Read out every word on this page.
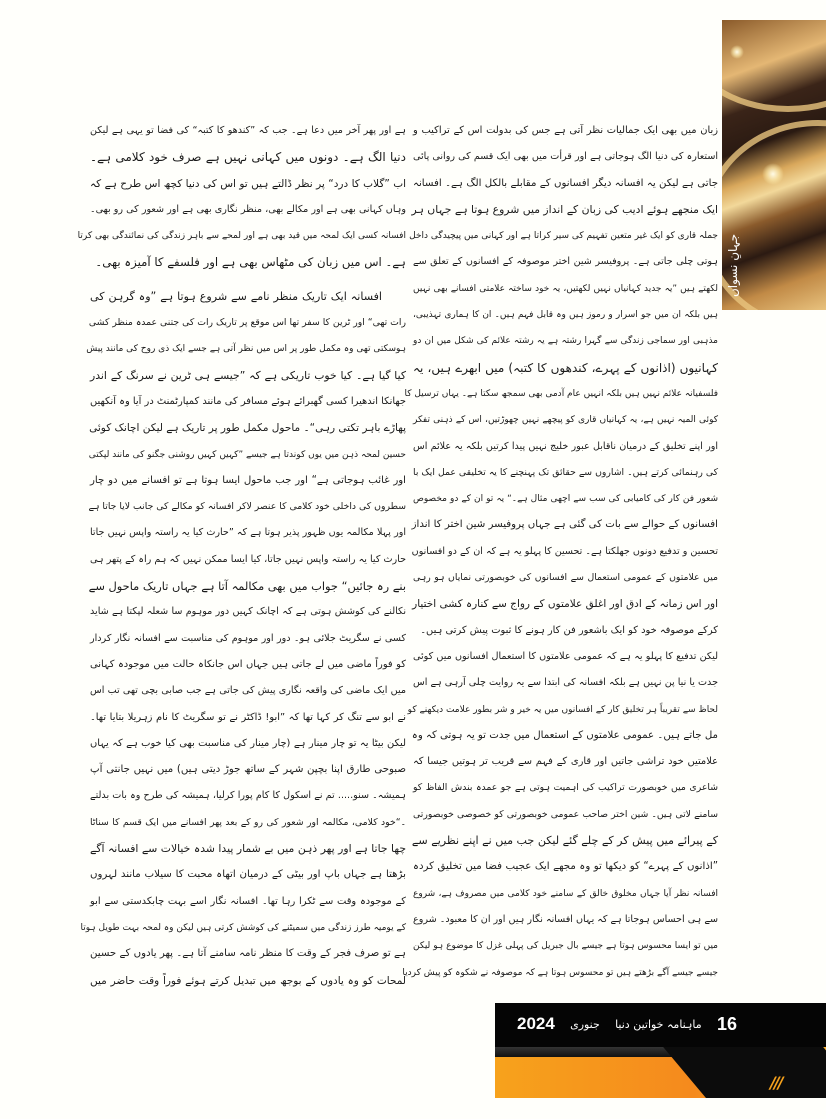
ہے اور پھر آخر میں دعا ہے۔ جب کہ ”کندھو کا کتبہ“ کی فضا تو یہی ہے لیکن
دنیا الگ ہے۔ دونوں میں کہانی نہیں ہے صرف خود کلامی ہے۔
اب ”گلاب کا درد“ پر نظر ڈالتے ہیں تو اس کی دنیا کچھ اس طرح ہے کہ
وہاں کہانی بھی ہے اور مکالے بھی، منظر نگاری بھی ہے اور شعور کی رو بھی۔
افسانہ کسی ایک لمحہ میں قید بھی ہے اور لمحے سے باہر زندگی کی نمائندگی بھی کرتا
ہے۔ اس میں زبان کی مٹھاس بھی ہے اور فلسفے کا آمیزہ بھی۔
افسانہ ایک تاریک منظر نامے سے شروع ہوتا ہے ”وہ گرہن کی
رات تھی“ اور ٹرین کا سفر تھا اس موقع پر تاریک رات کی جتنی عمدہ منظر کشی
ہوسکتی تھی وہ مکمل طور پر اس میں نظر آتی ہے جسے ایک ذی روح کی مانند پیش
کیا گیا ہے۔ کیا خوب تاریکی ہے کہ ”جیسے ہی ٹرین نے سرنگ کے اندر
جھانکا اندھیرا کسی گھبرائے ہوئے مسافر کی مانند کمپارٹمنٹ در آیا وہ آنکھیں
پھاڑے باہر تکتی رہی“۔ ماحول مکمل طور پر تاریک ہے لیکن اچانک کوئی
حسین لمحہ ذہن میں یوں کوندتا ہے جیسے ”کہیں کہیں روشنی جگنو کی مانند لپکتی
اور غائب ہوجاتی ہے“ اور جب ماحول ایسا ہوتا ہے تو افسانے میں دو چار
سطروں کی داخلی خود کلامی کا عنصر لاکر افسانہ کو مکالے کی جانب لایا جاتا ہے
اور پہلا مکالمہ یوں ظہور پذیر ہوتا ہے کہ ”حارث کیا یہ راستہ واپس نہیں جاتا
حارث کیا یہ راستہ واپس نہیں جاتا، کیا ایسا ممکن نہیں کہ ہم راہ کے پتھر ہی
بنے رہ جائیں“ جواب میں بھی مکالمہ آتا ہے جہاں تاریک ماحول سے
نکالنے کی کوشش ہوتی ہے کہ اچانک کہیں دور موہوم سا شعلہ لپکتا ہے شاید
کسی نے سگریٹ جلائی ہو۔ دور اور موہوم کی مناسبت سے افسانہ نگار کردار
کو فوراً ماضی میں لے جاتی ہیں جہاں اس جانکاہ حالت میں موجودہ کہانی
میں ایک ماضی کی واقعہ نگاری پیش کی جاتی ہے جب صابی بچی تھی تب اس
نے ابو سے تنگ کر کہا تھا کہ ”ابو! ڈاکٹر نے تو سگریٹ کا نام زہریلا بتایا تھا۔
لیکن بیٹا یہ تو چار مینار ہے (چار مینار کی مناسبت بھی کیا خوب ہے کہ یہاں
صبوحی طارق اپنا بچپن شہر کے ساتھ جوڑ دیتی ہیں) میں نہیں جانتی آپ
ہمیشہ۔ سنو..... تم نے اسکول کا کام پورا کرلیا، ہمیشہ کی طرح وہ بات بدلتے
۔“خود کلامی، مکالمہ اور شعور کی رو کے بعد پھر افسانے میں ایک قسم کا سناٹا
چھا جاتا ہے اور پھر ذہن میں بے شمار پیدا شدہ خیالات سے افسانہ آگے
بڑھتا ہے جہاں باپ اور بیٹی کے درمیان اتھاہ محبت کا سیلاب مانند لہروں
کے موجودہ وقت سے ٹکرا رہا تھا۔ افسانہ نگار اسے بہت چابکدستی سے ابو
کے یومیہ طرز زندگی میں سمیٹنے کی کوشش کرتی ہیں لیکن وہ لمحہ بہت طویل ہوتا
ہے تو صرف فجر کے وقت کا منظر نامہ سامنے آتا ہے۔ پھر یادوں کے حسین
لمحات کو وہ یادوں کے بوجھ میں تبدیل کرتے ہوئے فوراً وقت حاضر میں
زبان میں بھی ایک جمالیات نظر آتی ہے جس کی بدولت اس کے تراکیب و
استعارہ کی دنیا الگ ہوجاتی ہے اور قرأت میں بھی ایک قسم کی روانی پائی
جاتی ہے لیکن یہ افسانہ دیگر افسانوں کے مقابلے بالکل الگ ہے۔ افسانہ
ایک منجھے ہوئے ادیب کی زبان کے انداز میں شروع ہوتا ہے جہاں ہر
جملہ قاری کو ایک غیر متعین تفہیم کی سیر کراتا ہے اور کہانی میں پیچیدگی داخل
ہوتی چلی جاتی ہے۔ پروفیسر شین اختر موصوفہ کے افسانوں کے تعلق سے
لکھتے ہیں ”یہ جدید کہانیاں نہیں لکھتیں، یہ خود ساختہ علامتی افسانے بھی نہیں
ہیں بلکہ ان میں جو اسرار و رموز ہیں وہ قابل فہم ہیں۔ ان کا ہماری تہذیبی،
مذہبی اور سماجی زندگی سے گہرا رشتہ ہے یہ رشتہ علائم کی شکل میں ان دو
کہانیوں (اذانوں کے پہرے، کندھوں کا کتبہ) میں ابھرے ہیں، یہ
فلسفیانہ علائم نہیں ہیں بلکہ انہیں عام آدمی بھی سمجھ سکتا ہے۔ یہاں ترسیل کا
کوئی المیہ نہیں ہے، یہ کہانیاں قاری کو پیچھے نہیں چھوڑتیں، اس کے ذہنی تفکر
اور اپنے تخلیق کے درمیان ناقابل عبور خلیج نہیں پیدا کرتیں بلکہ یہ علائم اس
کی رہنمائی کرتے ہیں۔ اشاروں سے حقائق تک پہنچنے کا یہ تخلیقی عمل ایک با
شعور فن کار کی کامیابی کی سب سے اچھی مثال ہے۔“ یہ تو ان کے دو مخصوص
افسانوں کے حوالے سے بات کی گئی ہے جہاں پروفیسر شین اختر کا انداز
تحسین و تدفیع دونوں جھلکتا ہے۔ تحسین کا پہلو یہ ہے کہ ان کے دو افسانوں
میں علامتوں کے عمومی استعمال سے افسانوں کی خوبصورتی نمایاں ہو رہی
اور اس زمانہ کے ادق اور اغلق علامتوں کے رواج سے کنارہ کشی اختیار
کرکے موصوفہ خود کو ایک باشعور فن کار ہونے کا ثبوت پیش کرتی ہیں۔
لیکن تدفیع کا پہلو یہ ہے کہ عمومی علامتوں کا استعمال افسانوں میں کوئی
جدت یا نیا پن نہیں ہے بلکہ افسانہ کی ابتدا سے یہ روایت چلی آرہی ہے اس
لحاظ سے تقریباً ہر تخلیق کار کے افسانوں میں یہ خیر و شر بطور علامت دیکھنے کو
مل جاتے ہیں۔ عمومی علامتوں کے استعمال میں جدت تو یہ ہوتی کہ وہ
علامتیں خود تراشی جاتیں اور قاری کے فہم سے قریب تر ہوتیں جیسا کہ
شاعری میں خوبصورت تراکیب کی اہمیت ہوتی ہے جو عمدہ بندش الفاظ کو
سامنے لاتی ہیں۔ شین اختر صاحب عمومی خوبصورتی کو خصوصی خوبصورتی
کے پیرائے میں پیش کر کے چلے گئے لیکن جب میں نے اپنے نظریے سے
”اذانوں کے پہرے“ کو دیکھا تو وہ مجھے ایک عجیب فضا میں تخلیق کردہ
افسانہ نظر آیا جہاں مخلوق خالق کے سامنے خود کلامی میں مصروف ہے، شروع
سے ہی احساس ہوجاتا ہے کہ یہاں افسانہ نگار ہیں اور ان کا معبود۔ شروع
میں تو ایسا محسوس ہوتا ہے جیسے بال جبریل کی پہلی غزل کا موضوع ہو لیکن
جیسے جیسے آگے بڑھتے ہیں تو محسوس ہوتا ہے کہ موصوفہ نے شکوہ کو پیش کردیا
جہانِ نسواں
///
2024 جنوری ماہنامہ خواتین دنیا 16
